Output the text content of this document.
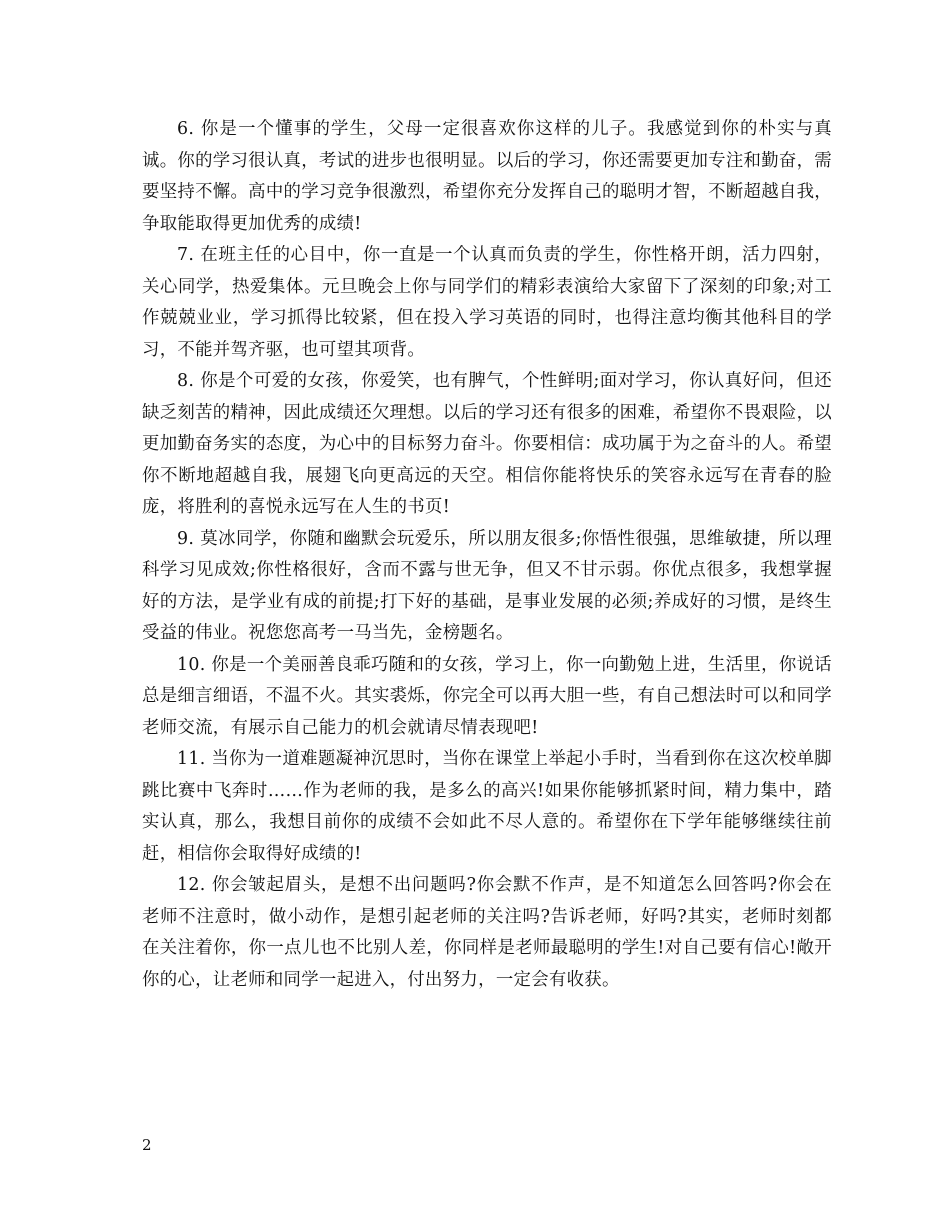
6. 你是一个懂事的学生，父母一定很喜欢你这样的儿子。我感觉到你的朴实与真诚。你的学习很认真，考试的进步也很明显。以后的学习，你还需要更加专注和勤奋，需要坚持不懈。高中的学习竞争很激烈，希望你充分发挥自己的聪明才智，不断超越自我，争取能取得更加优秀的成绩!

7. 在班主任的心目中，你一直是一个认真而负责的学生，你性格开朗，活力四射，关心同学，热爱集体。元旦晚会上你与同学们的精彩表演给大家留下了深刻的印象;对工作兢兢业业，学习抓得比较紧，但在投入学习英语的同时，也得注意均衡其他科目的学习，不能并驾齐驱，也可望其项背。

8. 你是个可爱的女孩，你爱笑，也有脾气，个性鲜明;面对学习，你认真好问，但还缺乏刻苦的精神，因此成绩还欠理想。以后的学习还有很多的困难，希望你不畏艰险，以更加勤奋务实的态度，为心中的目标努力奋斗。你要相信：成功属于为之奋斗的人。希望你不断地超越自我，展翅飞向更高远的天空。相信你能将快乐的笑容永远写在青春的脸庞，将胜利的喜悦永远写在人生的书页!

9. 莫冰同学，你随和幽默会玩爱乐，所以朋友很多;你悟性很强，思维敏捷，所以理科学习见成效;你性格很好，含而不露与世无争，但又不甘示弱。你优点很多，我想掌握好的方法，是学业有成的前提;打下好的基础，是事业发展的必须;养成好的习惯，是终生受益的伟业。祝您您高考一马当先，金榜题名。

10. 你是一个美丽善良乖巧随和的女孩，学习上，你一向勤勉上进，生活里，你说话总是细言细语，不温不火。其实裘烁，你完全可以再大胆一些，有自己想法时可以和同学老师交流，有展示自己能力的机会就请尽情表现吧!

11. 当你为一道难题凝神沉思时，当你在课堂上举起小手时，当看到你在这次校单脚跳比赛中飞奔时……作为老师的我，是多么的高兴!如果你能够抓紧时间，精力集中，踏实认真，那么，我想目前你的成绩不会如此不尽人意的。希望你在下学年能够继续往前赶，相信你会取得好成绩的!

12. 你会皱起眉头，是想不出问题吗?你会默不作声，是不知道怎么回答吗?你会在老师不注意时，做小动作，是想引起老师的关注吗?告诉老师，好吗?其实，老师时刻都在关注着你，你一点儿也不比别人差，你同样是老师最聪明的学生!对自己要有信心!敞开你的心，让老师和同学一起进入，付出努力，一定会有收获。

2
